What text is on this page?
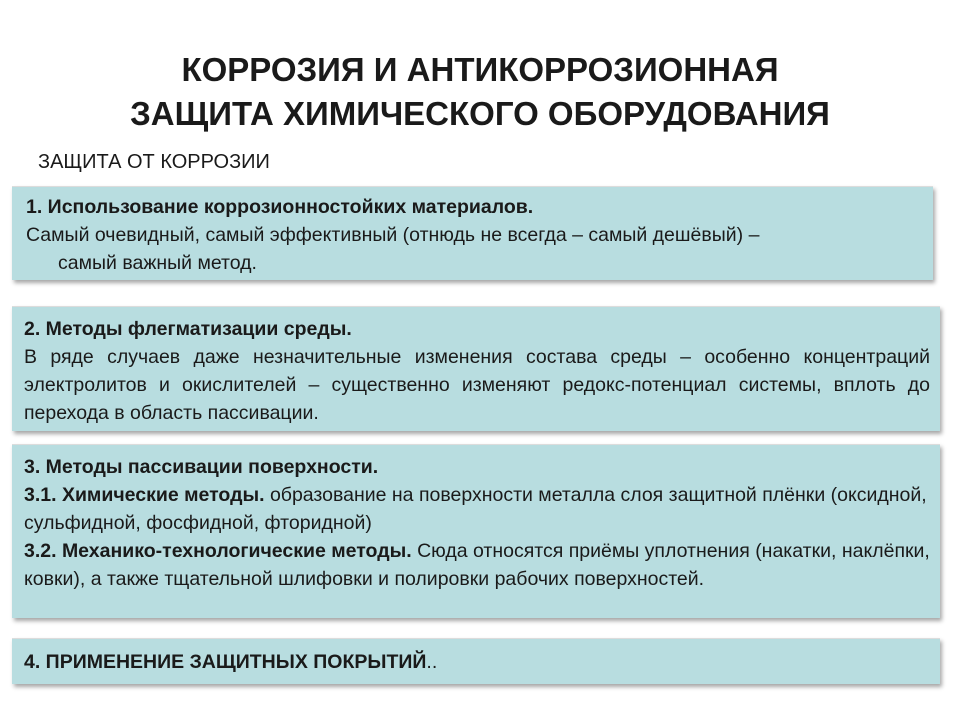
КОРРОЗИЯ И АНТИКОРРОЗИОННАЯ
ЗАЩИТА ХИМИЧЕСКОГО ОБОРУДОВАНИЯ
ЗАЩИТА ОТ КОРРОЗИИ

1. Использование коррозионностойких материалов.

Самый очевидный, самый эффективный (отнюдь не всегда – самый дешёвый) –

самый важный метод.

2. Методы флегматизации среды.

В ряде случаев даже незначительные изменения состава среды – особенно концентраций электролитов и окислителей – существенно изменяют редокс-потенциал системы, вплоть до перехода в область пассивации.

3. Методы пассивации поверхности.

3.1. Химические методы. образование на поверхности металла слоя защитной плёнки (оксидной, сульфидной, фосфидной, фторидной)

3.2. Механико-технологические методы. Сюда относятся приёмы уплотнения (накатки, наклёпки, ковки), а также тщательной шлифовки и полировки рабочих поверхностей.

4. ПРИМЕНЕНИЕ ЗАЩИТНЫХ ПОКРЫТИЙ..
